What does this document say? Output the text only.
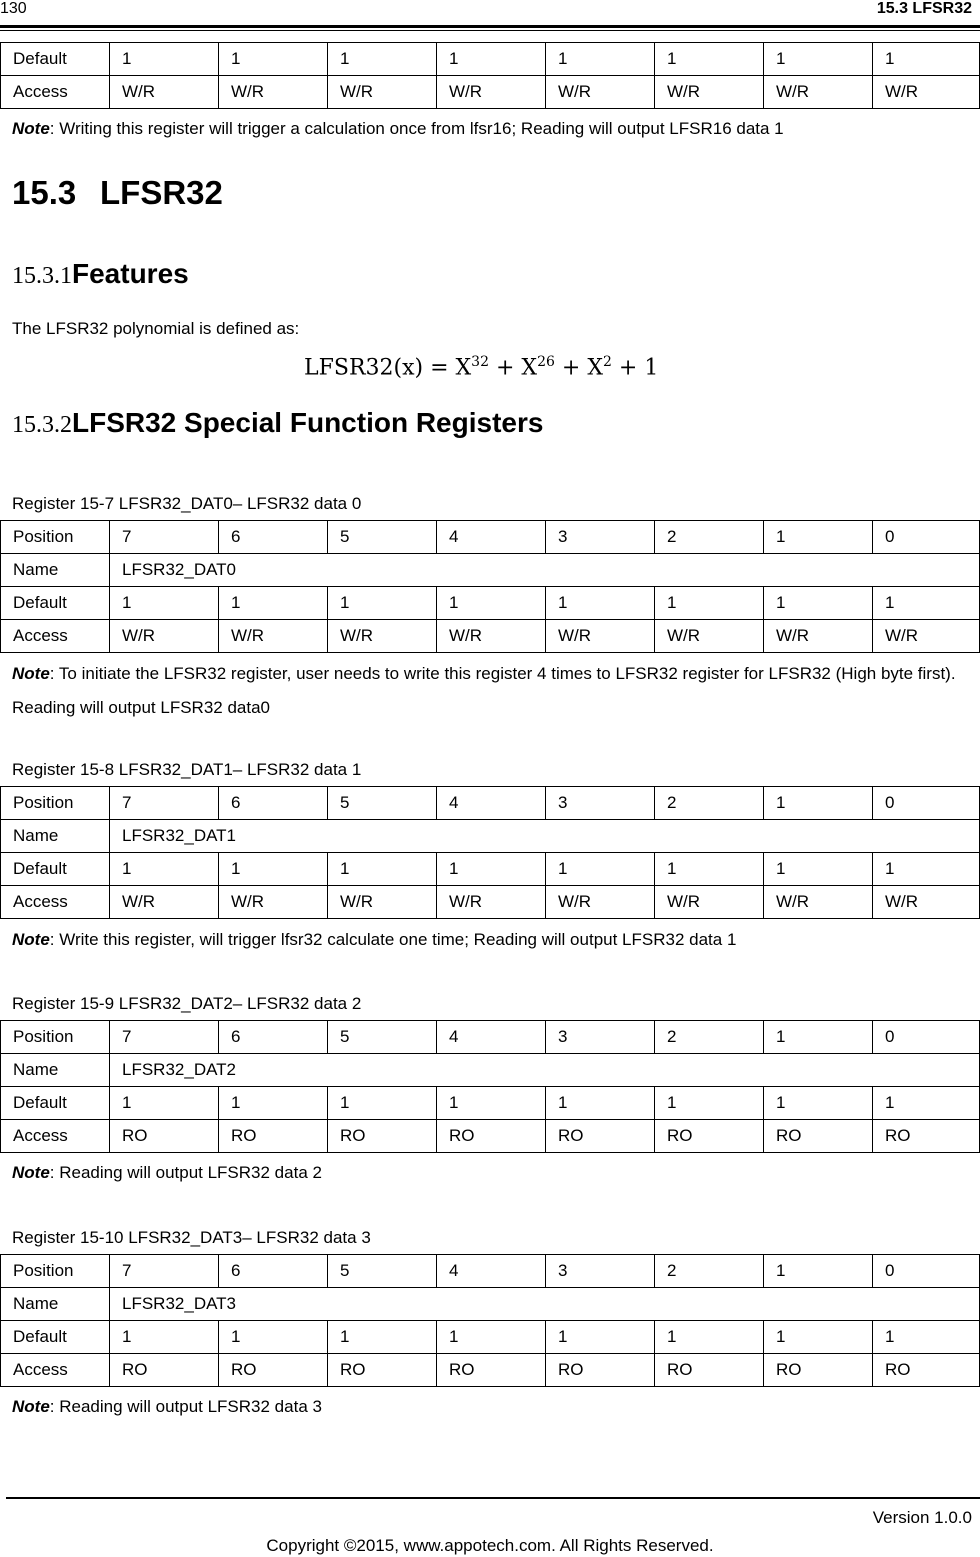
130	15.3 LFSR32
Default	1	1	1	1	1	1	1	1
Access	W/R	W/R	W/R	W/R	W/R	W/R	W/R	W/R
Note: Writing this register will trigger a calculation once from lfsr16; Reading will output LFSR16 data 1
15.3 LFSR32
15.3.1Features
The LFSR32 polynomial is defined as:
LFSR32(x) = $X^{32} + X^{26} + X^2 + 1$
15.3.2LFSR32 Special Function Registers
Register 15-7 LFSR32_DAT0– LFSR32 data 0
Position	7	6	5	4	3	2	1	0
Name	LFSR32_DAT0							
Default	1	1	1	1	1	1	1	1
Access	W/R	W/R	W/R	W/R	W/R	W/R	W/R	W/R
Note: To initiate the LFSR32 register, user needs to write this register 4 times to LFSR32 register for LFSR32 (High byte first). Reading will output LFSR32 data0
Register 15-8 LFSR32_DAT1– LFSR32 data 1
Position	7	6	5	4	3	2	1	0
Name	LFSR32_DAT1							
Default	1	1	1	1	1	1	1	1
Access	W/R	W/R	W/R	W/R	W/R	W/R	W/R	W/R
Note: Write this register, will trigger lfsr32 calculate one time; Reading will output LFSR32 data 1
Register 15-9 LFSR32_DAT2– LFSR32 data 2
Position	7	6	5	4	3	2	1	0
Name	LFSR32_DAT2							
Default	1	1	1	1	1	1	1	1
Access	RO	RO	RO	RO	RO	RO	RO	RO
Note: Reading will output LFSR32 data 2
Register 15-10 LFSR32_DAT3– LFSR32 data 3
Position	7	6	5	4	3	2	1	0
Name	LFSR32_DAT3							
Default	1	1	1	1	1	1	1	1
Access	RO	RO	RO	RO	RO	RO	RO	RO
Note: Reading will output LFSR32 data 3
Version 1.0.0
Copyright ©2015, www.appotech.com. All Rights Reserved.
